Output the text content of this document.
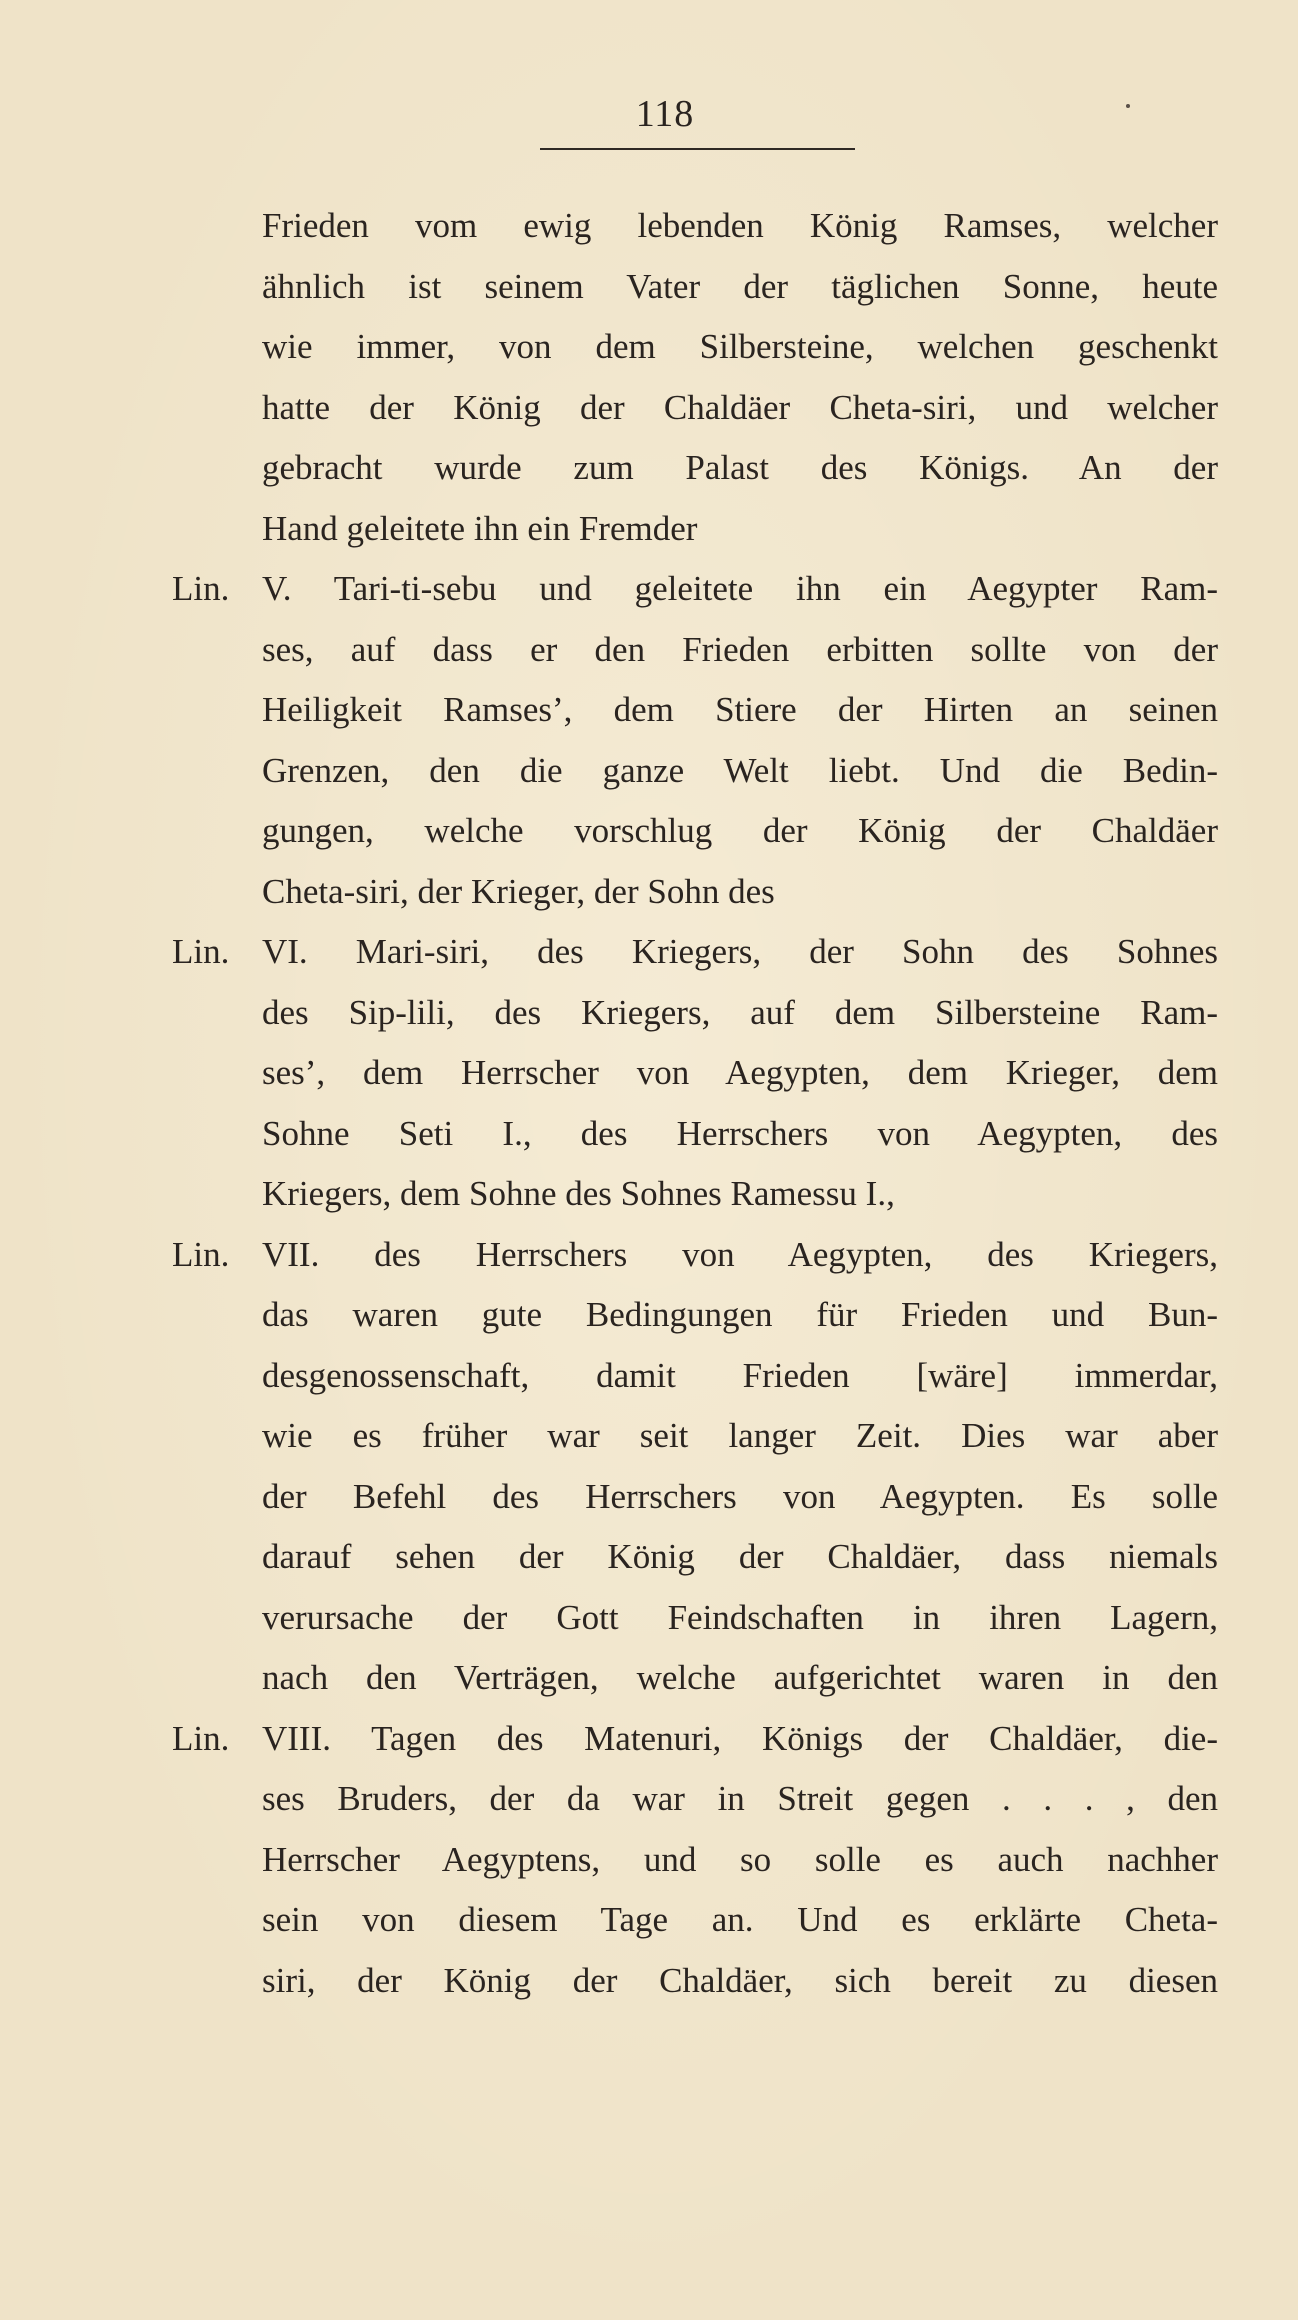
118
Frieden vom ewig lebenden König Ramses, welcher
ähnlich ist seinem Vater der täglichen Sonne, heute
wie immer, von dem Silbersteine, welchen geschenkt
hatte der König der Chaldäer Cheta-siri, und welcher
gebracht wurde zum Palast des Königs. An der
Hand geleitete ihn ein Fremder
Lin. V. Tari-ti-sebu und geleitete ihn ein Aegypter Ram-
ses, auf dass er den Frieden erbitten sollte von der
Heiligkeit Ramses’, dem Stiere der Hirten an seinen
Grenzen, den die ganze Welt liebt. Und die Bedin-
gungen, welche vorschlug der König der Chaldäer
Cheta-siri, der Krieger, der Sohn des
Lin. VI. Mari-siri, des Kriegers, der Sohn des Sohnes
des Sip-lili, des Kriegers, auf dem Silbersteine Ram-
ses’, dem Herrscher von Aegypten, dem Krieger, dem
Sohne Seti I., des Herrschers von Aegypten, des
Kriegers, dem Sohne des Sohnes Ramessu I.,
Lin. VII. des Herrschers von Aegypten, des Kriegers,
das waren gute Bedingungen für Frieden und Bun-
desgenossenschaft, damit Frieden [wäre] immerdar,
wie es früher war seit langer Zeit. Dies war aber
der Befehl des Herrschers von Aegypten. Es solle
darauf sehen der König der Chaldäer, dass niemals
verursache der Gott Feindschaften in ihren Lagern,
nach den Verträgen, welche aufgerichtet waren in den
Lin. VIII. Tagen des Matenuri, Königs der Chaldäer, die-
ses Bruders, der da war in Streit gegen . . . , den
Herrscher Aegyptens, und so solle es auch nachher
sein von diesem Tage an. Und es erklärte Cheta-
siri, der König der Chaldäer, sich bereit zu diesen
